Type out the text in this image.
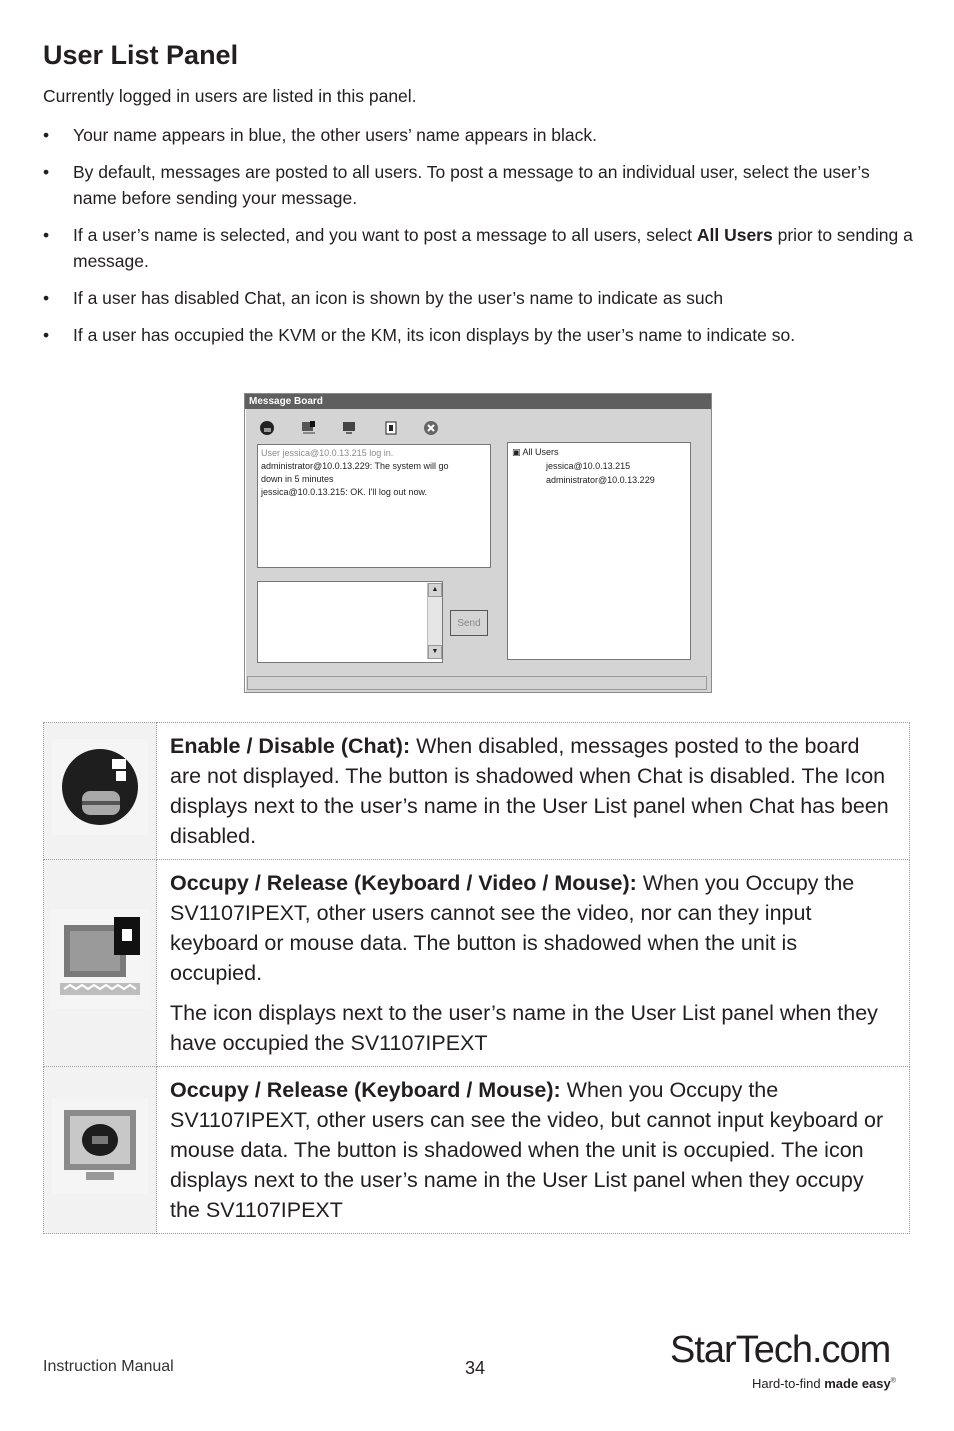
User List Panel
Currently logged in users are listed in this panel.
• Your name appears in blue, the other users’ name appears in black.
• By default, messages are posted to all users. To post a message to an individual user, select the user’s name before sending your message.
• If a user’s name is selected, and you want to post a message to all users, select All Users prior to sending a message.
• If a user has disabled Chat, an icon is shown by the user’s name to indicate as such
• If a user has occupied the KVM or the KM, its icon displays by the user’s name to indicate so.
Message Board
User jessica@10.0.13.215 log in.
administrator@10.0.13.229: The system will go
down in 5 minutes
jessica@10.0.13.215: OK. I'll log out now.
▲
▼
Send
▣ All Users
jessica@10.0.13.215
administrator@10.0.13.229

Enable / Disable (Chat): When disabled, messages posted to the board are not displayed. The button is shadowed when Chat is disabled. The Icon displays next to the user’s name in the User List panel when Chat has been disabled.

Occupy / Release (Keyboard / Video / Mouse): When you Occupy the SV1107IPEXT, other users cannot see the video, nor can they input keyboard or mouse data. The button is shadowed when the unit is occupied.

The icon displays next to the user’s name in the User List panel when they have occupied the SV1107IPEXT

Occupy / Release (Keyboard / Mouse): When you Occupy the SV1107IPEXT, other users can see the video, but cannot input keyboard or mouse data. The button is shadowed when the unit is occupied. The icon displays next to the user’s name in the User List panel when they occupy the SV1107IPEXT

Instruction Manual	34	StarTech.com
Hard-to-find made easy®
